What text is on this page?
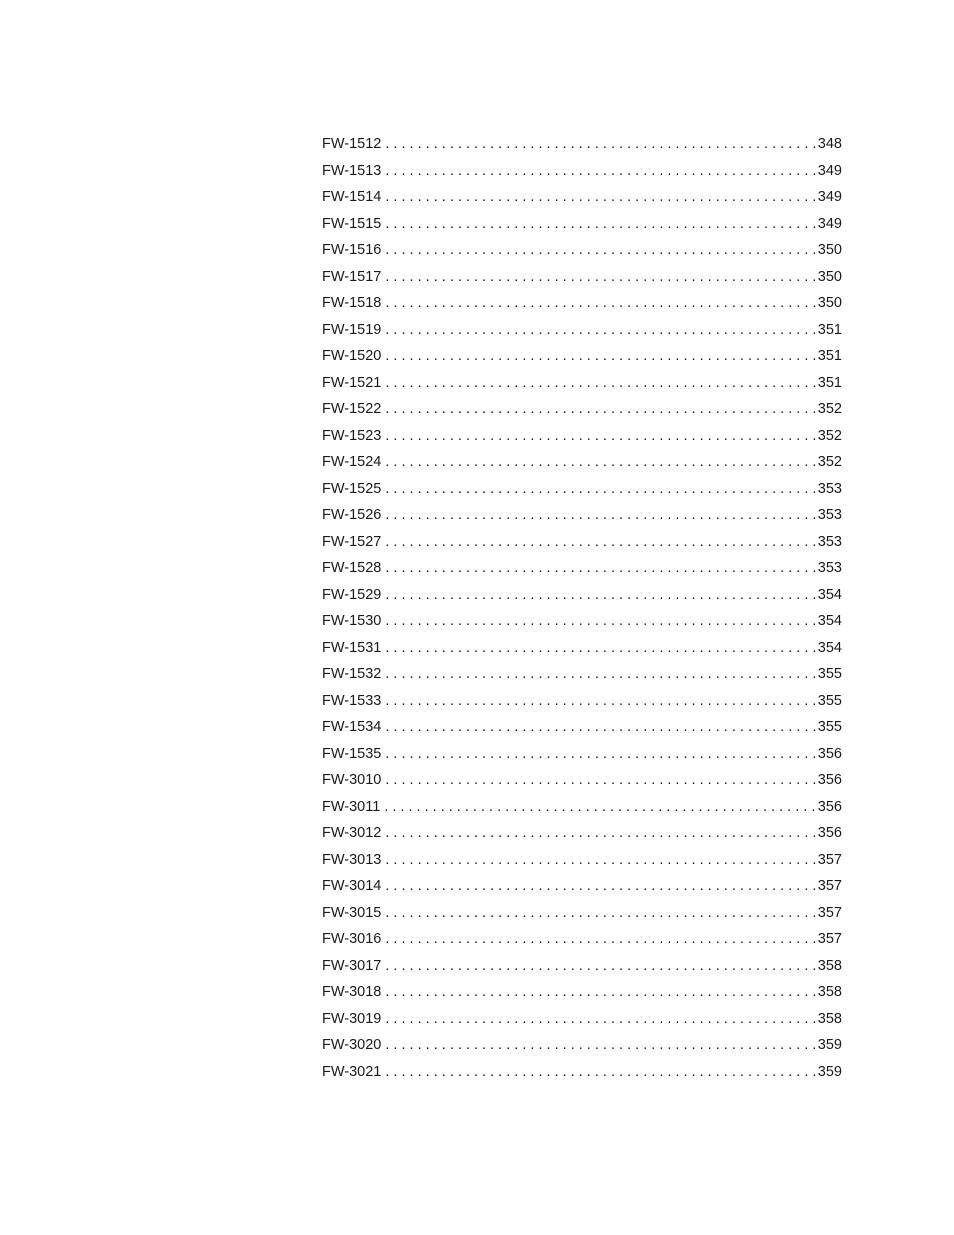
FW-1512 . . .	348
FW-1513 . . .	349
FW-1514 . . .	349
FW-1515 . . .	349
FW-1516 . . .	350
FW-1517 . . .	350
FW-1518 . . .	350
FW-1519 . . .	351
FW-1520 . . .	351
FW-1521 . . .	351
FW-1522 . . .	352
FW-1523 . . .	352
FW-1524 . . .	352
FW-1525 . . .	353
FW-1526 . . .	353
FW-1527 . . .	353
FW-1528 . . .	353
FW-1529 . . .	354
FW-1530 . . .	354
FW-1531 . . .	354
FW-1532 . . .	355
FW-1533 . . .	355
FW-1534 . . .	355
FW-1535 . . .	356
FW-3010 . . .	356
FW-3011 . . .	356
FW-3012 . . .	356
FW-3013 . . .	357
FW-3014 . . .	357
FW-3015 . . .	357
FW-3016 . . .	357
FW-3017 . . .	358
FW-3018 . . .	358
FW-3019 . . .	358
FW-3020 . . .	359
FW-3021 . . .	359
